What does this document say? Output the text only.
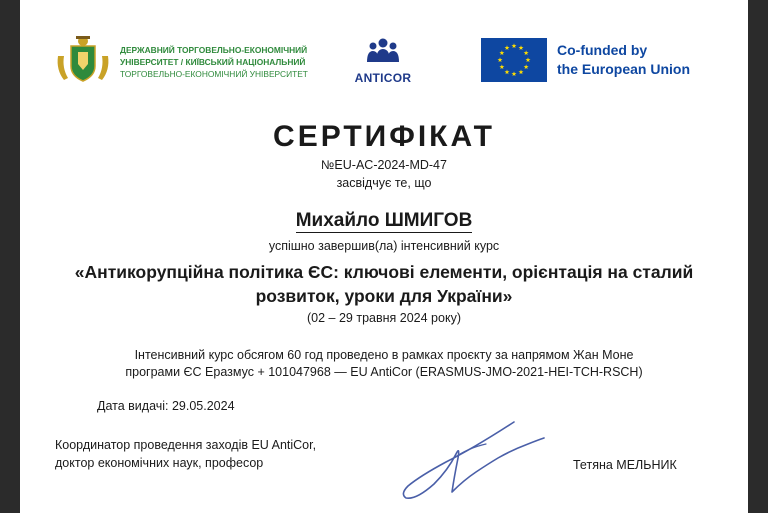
ДЕРЖАВНИЙ ТОРГОВЕЛЬНО-ЕКОНОМІЧНИЙ
УНІВЕРСИТЕТ / КИЇВСЬКИЙ НАЦІОНАЛЬНИЙ
ТОРГОВЕЛЬНО-ЕКОНОМІЧНИЙ УНІВЕРСИТЕТ	ANTICOR
Co-funded by
the European Union
СЕРТИФІКАТ
№EU-AC-2024-MD-47
засвідчує те, що
Михайло ШМИГОВ
успішно завершив(ла) інтенсивний курс
«Антикорупційна політика ЄС: ключові елементи, орієнтація на сталий
розвиток, уроки для України»
(02 – 29 травня 2024 року)
Інтенсивний курс обсягом 60 год проведено в рамках проєкту за напрямом Жан Моне
програми ЄС Еразмус + 101047968 — EU AntiCor (ERASMUS-JMO-2021-HEI-TCH-RSCH)
Дата видачі: 29.05.2024
Координатор проведення заходів EU AntiCor,
доктор економічних наук, професор	Тетяна МЕЛЬНИК
